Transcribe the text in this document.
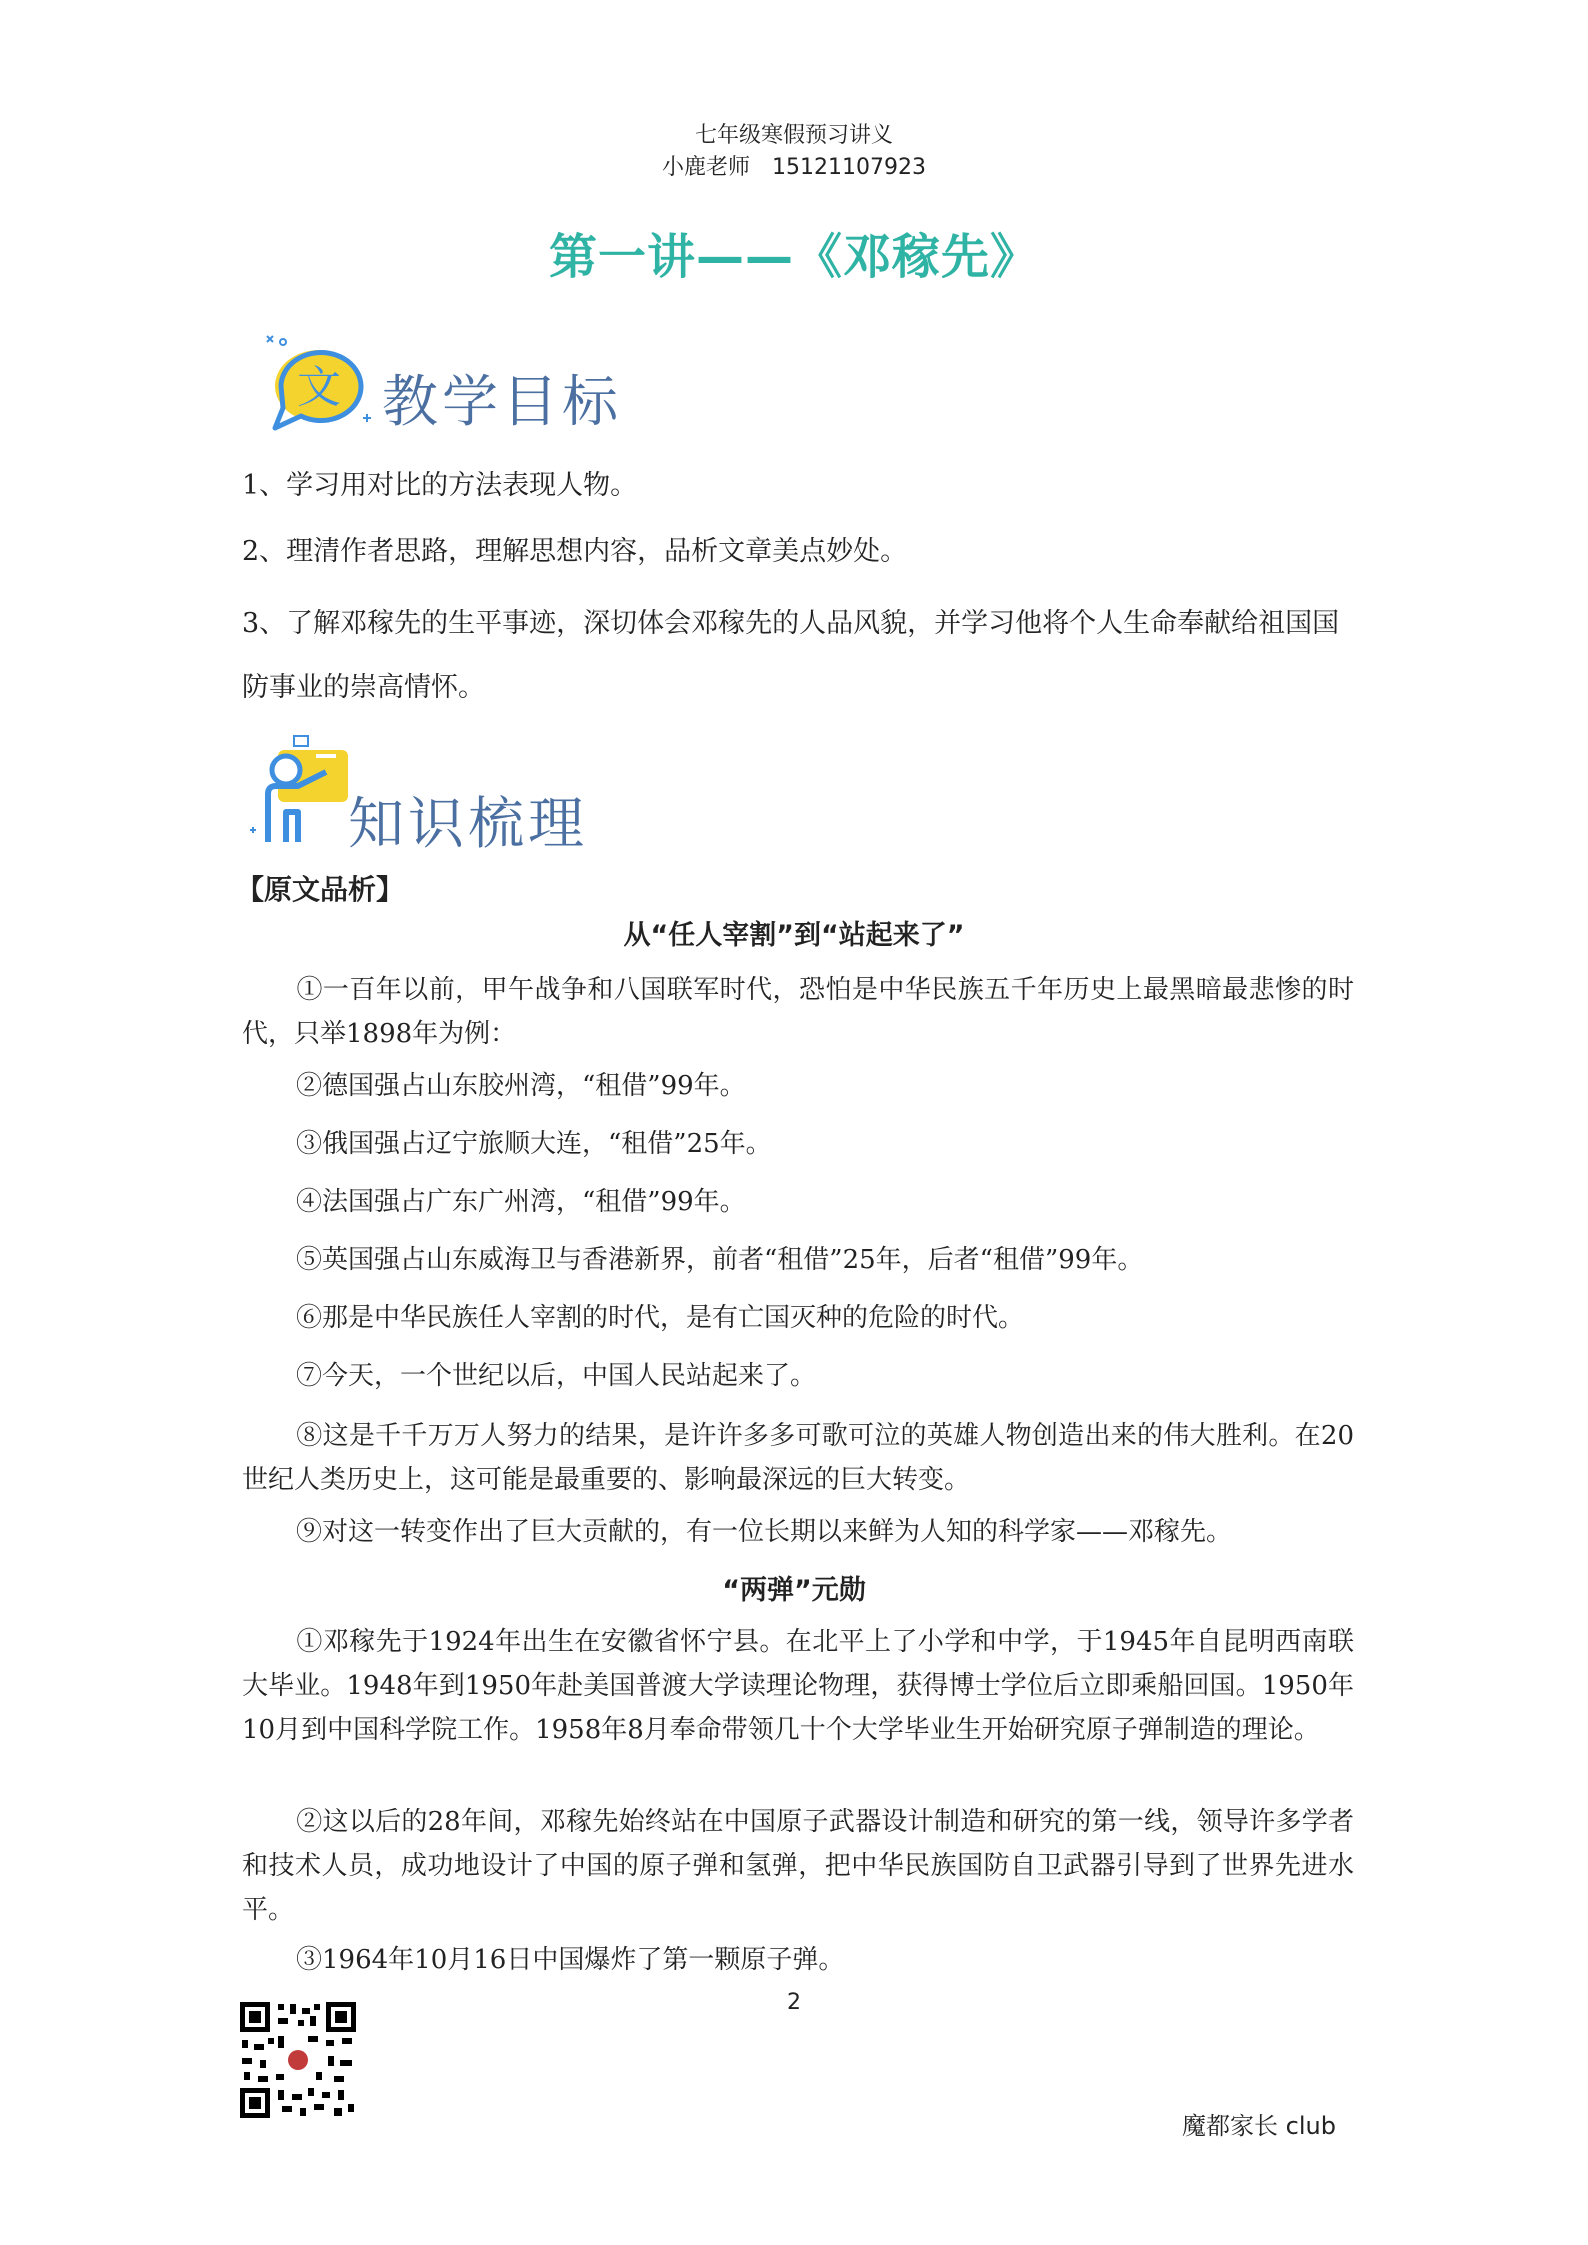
七年级寒假预习讲义
小鹿老师　15121107923
第一讲——《邓稼先》
文 教学目标
1、学习用对比的方法表现人物。
2、理清作者思路，理解思想内容，品析文章美点妙处。
3、了解邓稼先的生平事迹，深切体会邓稼先的人品风貌，并学习他将个人生命奉献给祖国国防事业的崇高情怀。
知识梳理
【原文品析】
从“任人宰割”到“站起来了”
①一百年以前，甲午战争和八国联军时代，恐怕是中华民族五千年历史上最黑暗最悲惨的时代，只举1898年为例：
②德国强占山东胶州湾，“租借”99年。
③俄国强占辽宁旅顺大连，“租借”25年。
④法国强占广东广州湾，“租借”99年。
⑤英国强占山东威海卫与香港新界，前者“租借”25年，后者“租借”99年。
⑥那是中华民族任人宰割的时代，是有亡国灭种的危险的时代。
⑦今天，一个世纪以后，中国人民站起来了。
⑧这是千千万万人努力的结果，是许许多多可歌可泣的英雄人物创造出来的伟大胜利。在20世纪人类历史上，这可能是最重要的、影响最深远的巨大转变。
⑨对这一转变作出了巨大贡献的，有一位长期以来鲜为人知的科学家——邓稼先。
“两弹”元勋
①邓稼先于1924年出生在安徽省怀宁县。在北平上了小学和中学，于1945年自昆明西南联大毕业。1948年到1950年赴美国普渡大学读理论物理，获得博士学位后立即乘船回国。1950年10月到中国科学院工作。1958年8月奉命带领几十个大学毕业生开始研究原子弹制造的理论。
②这以后的28年间，邓稼先始终站在中国原子武器设计制造和研究的第一线，领导许多学者和技术人员，成功地设计了中国的原子弹和氢弹，把中华民族国防自卫武器引导到了世界先进水平。
③1964年10月16日中国爆炸了第一颗原子弹。
2
魔都家长 club
